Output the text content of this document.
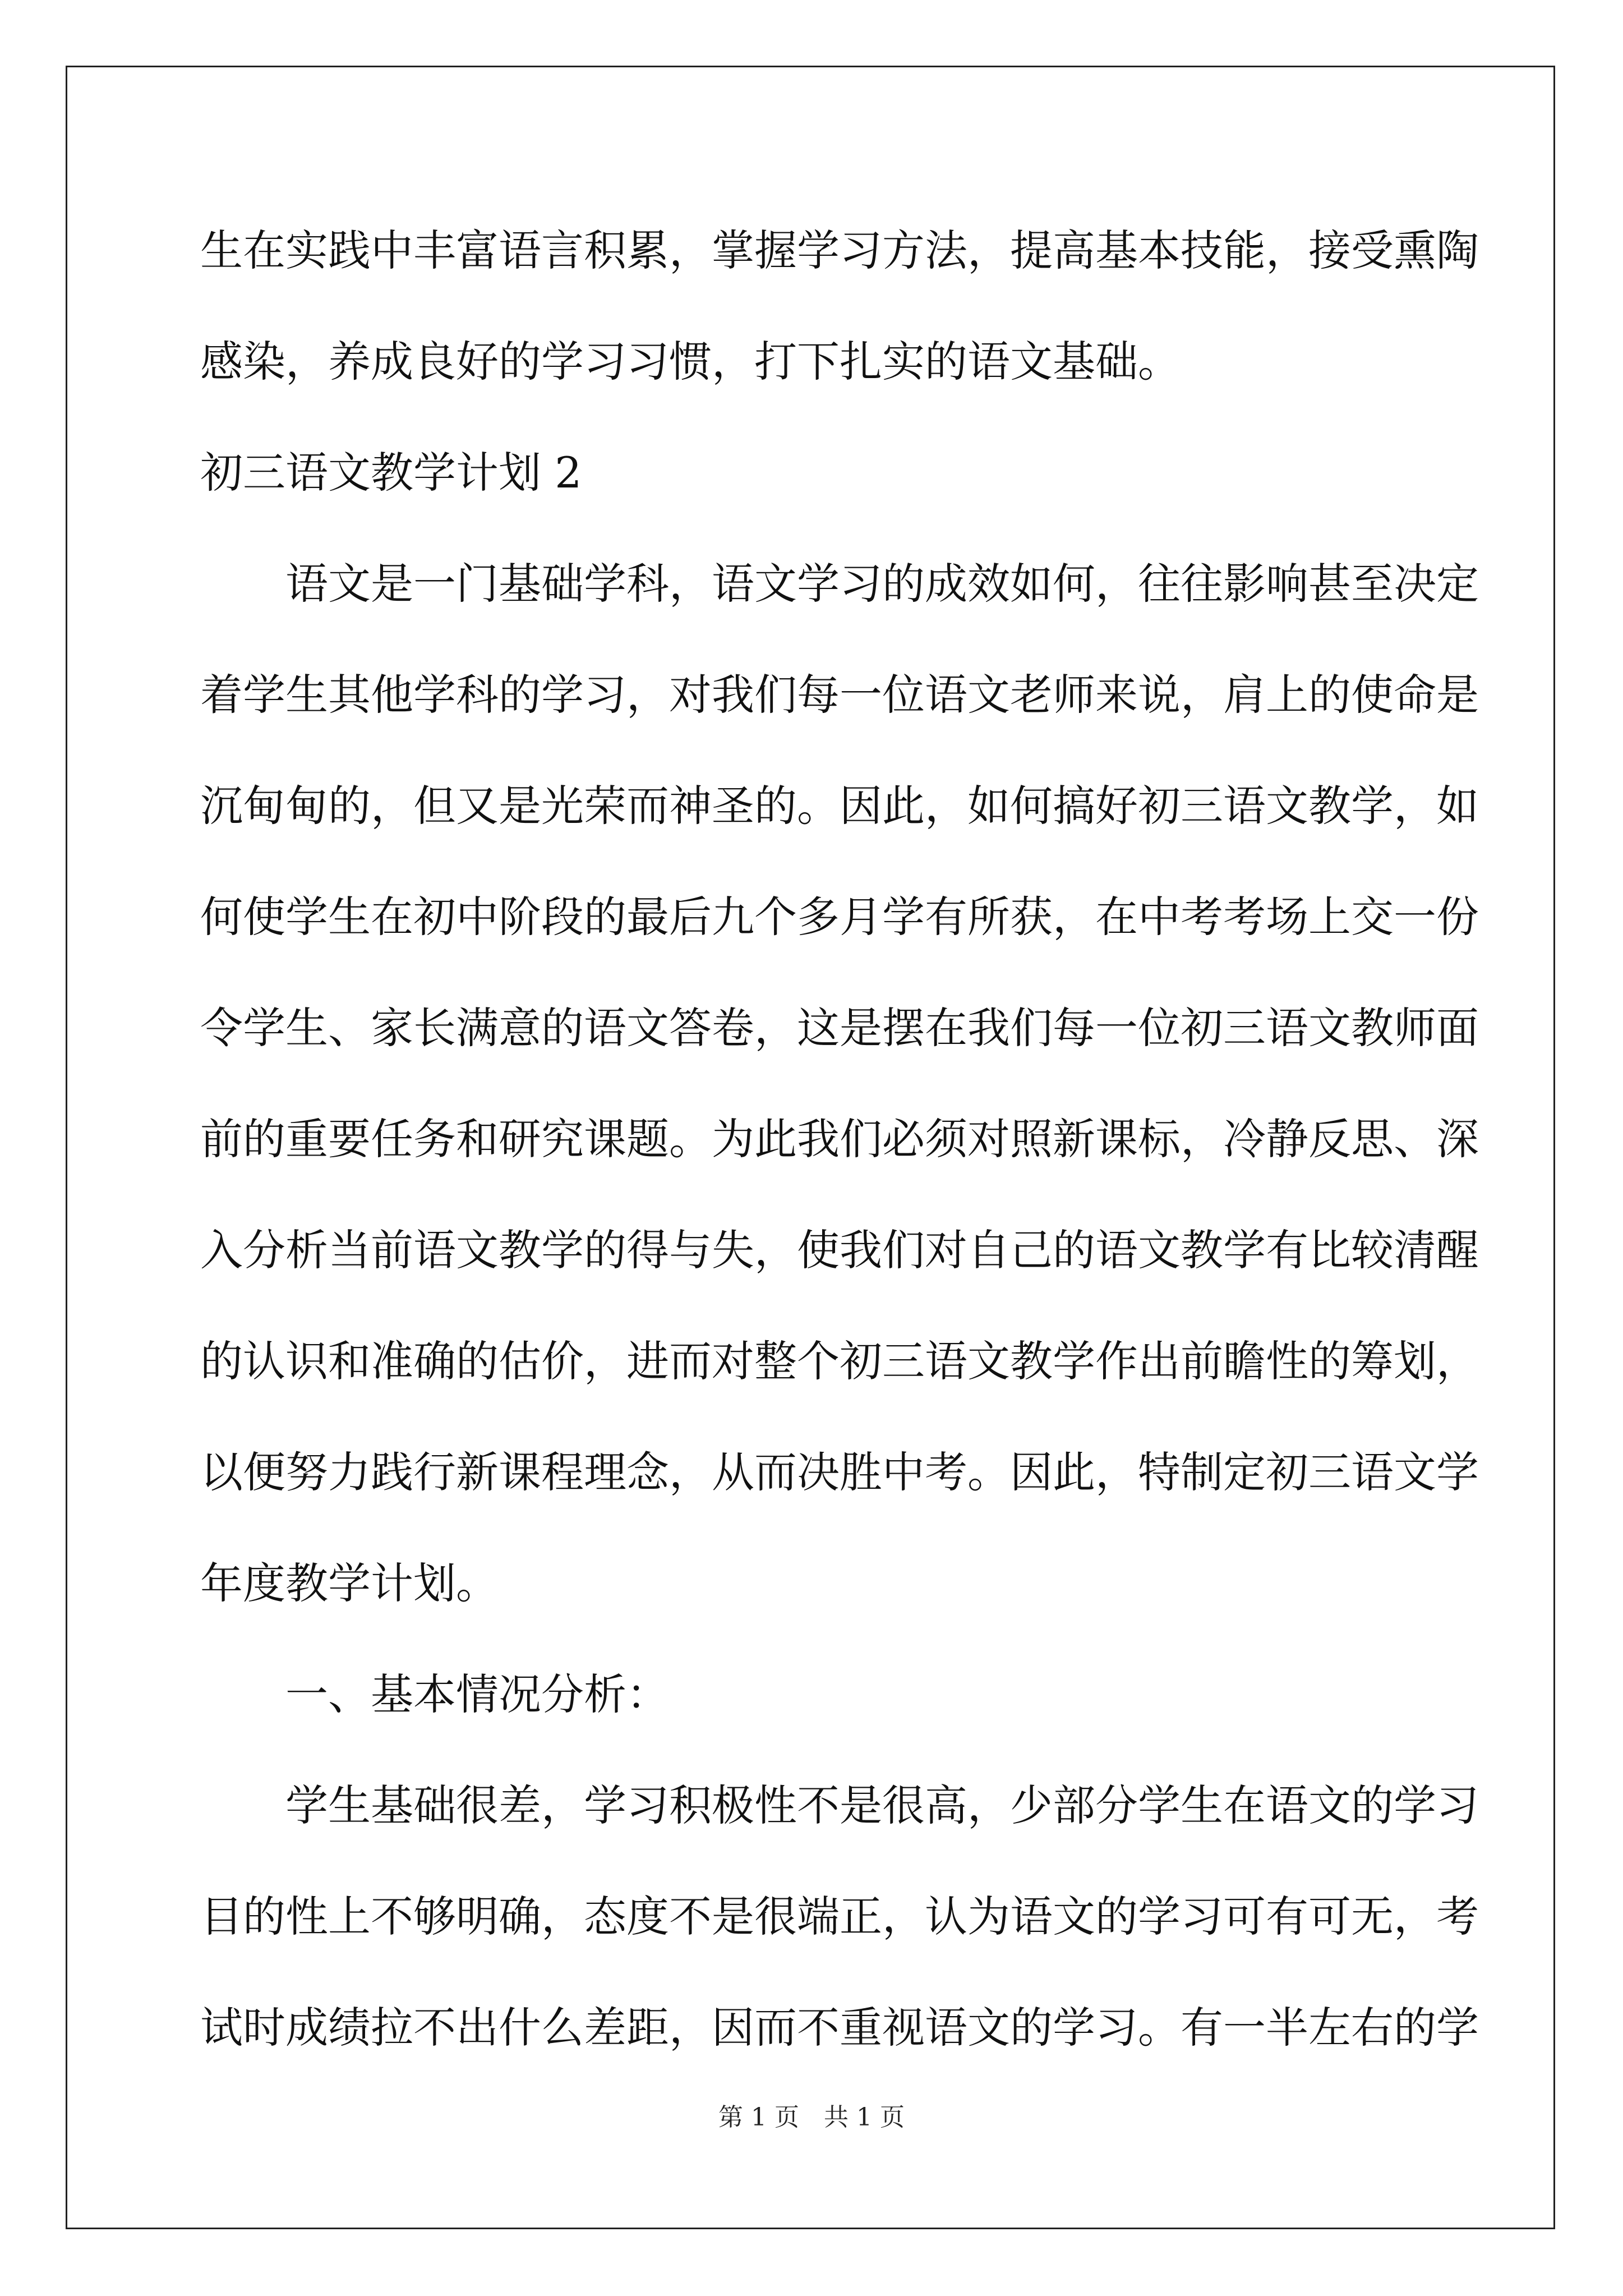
生在实践中丰富语言积累，掌握学习方法，提高基本技能，接受熏陶
感染，养成良好的学习习惯，打下扎实的语文基础。
初三语文教学计划 2
语文是一门基础学科，语文学习的成效如何，往往影响甚至决定
着学生其他学科的学习，对我们每一位语文老师来说，肩上的使命是
沉甸甸的，但又是光荣而神圣的。因此，如何搞好初三语文教学，如
何使学生在初中阶段的最后九个多月学有所获，在中考考场上交一份
令学生、家长满意的语文答卷，这是摆在我们每一位初三语文教师面
前的重要任务和研究课题。为此我们必须对照新课标，冷静反思、深
入分析当前语文教学的得与失，使我们对自己的语文教学有比较清醒
的认识和准确的估价，进而对整个初三语文教学作出前瞻性的筹划，
以便努力践行新课程理念，从而决胜中考。因此，特制定初三语文学
年度教学计划。
一、基本情况分析：
学生基础很差，学习积极性不是很高，少部分学生在语文的学习
目的性上不够明确，态度不是很端正，认为语文的学习可有可无，考
试时成绩拉不出什么差距，因而不重视语文的学习。有一半左右的学
第 1 页　共 1 页
